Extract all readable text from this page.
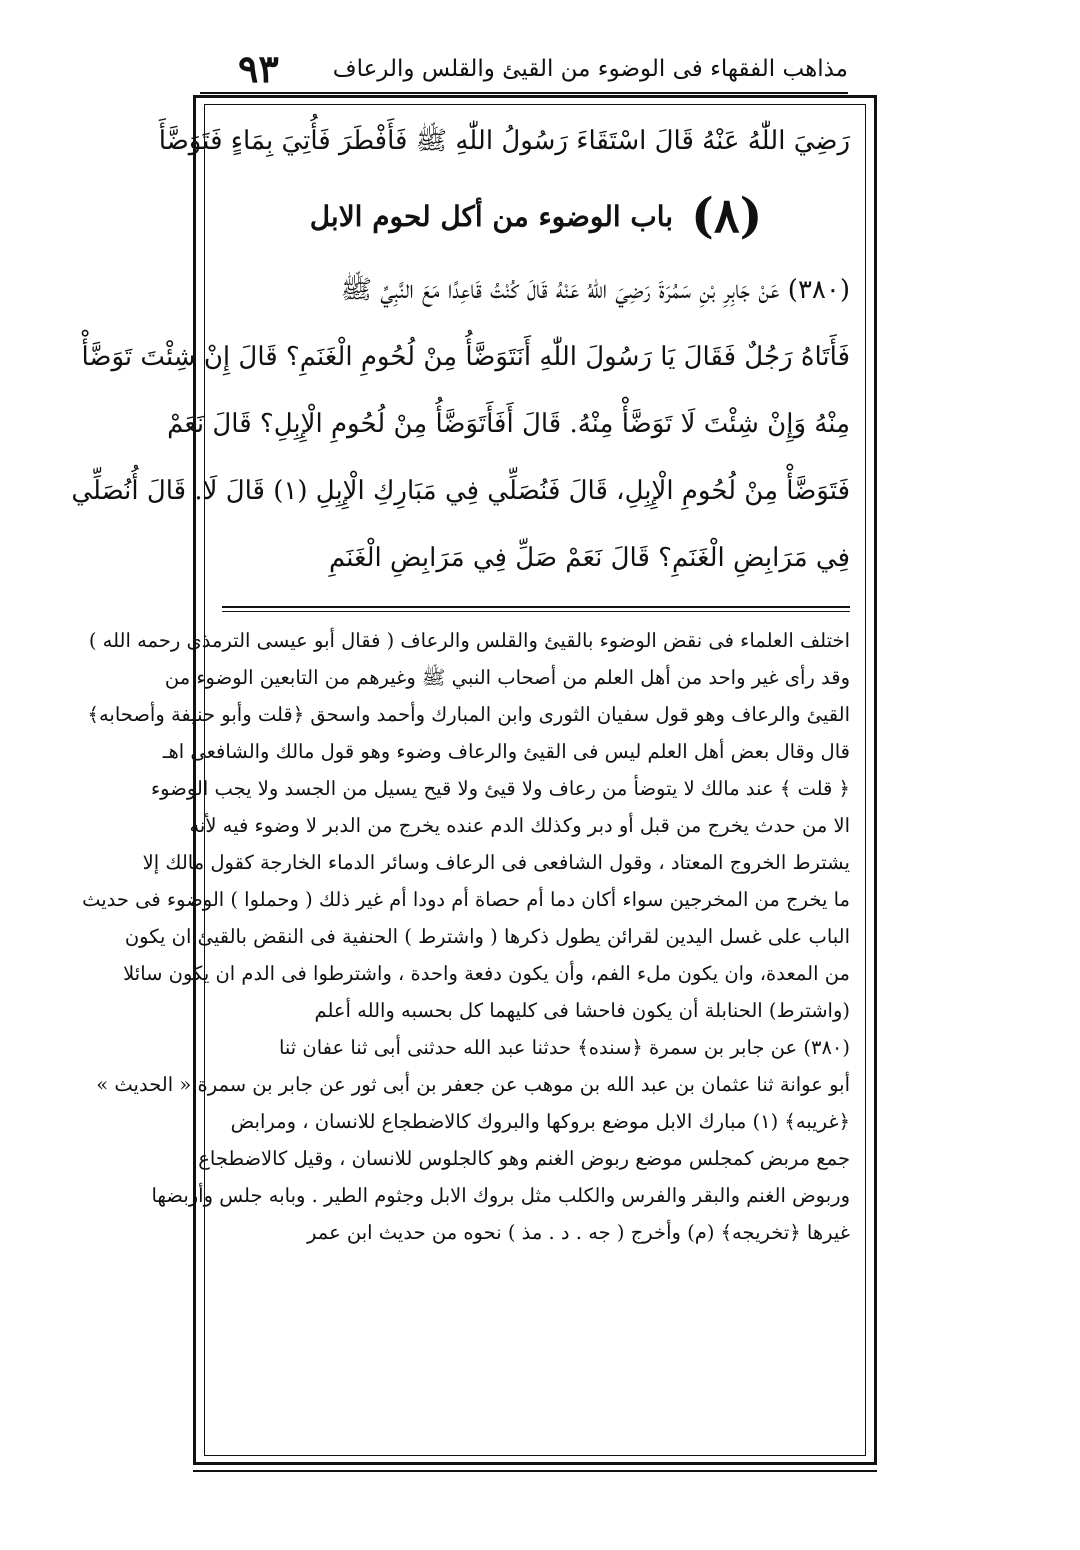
مذاهب الفقهاء فى الوضوء من القيئ والقلس والرعاف
٩٣
رَضِيَ اللّٰهُ عَنْهُ قَالَ اسْتَقَاءَ رَسُولُ اللّٰهِ ﷺ فَأَفْطَرَ فَأُتِيَ بِمَاءٍ فَتَوَضَّأَ
(٨)
باب الوضوء من أكل لحوم الابل
(٣٨٠) عَنْ جَابِرِ بْنِ سَمُرَةَ رَضِيَ اللّٰهُ عَنْهُ قَالَ كُنْتُ قَاعِدًا مَعَ النَّبِيِّ ﷺ
فَأَتَاهُ رَجُلٌ فَقَالَ يَا رَسُولَ اللّٰهِ أَنَتَوَضَّأُ مِنْ لُحُومِ الْغَنَمِ؟ قَالَ إِنْ شِئْتَ تَوَضَّأْ
مِنْهُ وَإِنْ شِئْتَ لَا تَوَضَّأْ مِنْهُ. قَالَ أَفَأَتَوَضَّأُ مِنْ لُحُومِ الْإِبِلِ؟ قَالَ نَعَمْ
فَتَوَضَّأْ مِنْ لُحُومِ الْإِبِلِ، قَالَ فَنُصَلِّي فِي مَبَارِكِ الْإِبِلِ (١) قَالَ لَا. قَالَ أُنُصَلِّي
فِي مَرَابِضِ الْغَنَمِ؟ قَالَ نَعَمْ صَلِّ فِي مَرَابِضِ الْغَنَمِ
اختلف العلماء فى نقض الوضوء بالقيئ والقلس والرعاف ( فقال أبو عيسى الترمذى رحمه الله )
وقد رأى غير واحد من أهل العلم من أصحاب النبي ﷺ وغيرهم من التابعين الوضوء من
القيئ والرعاف وهو قول سفيان الثورى وابن المبارك وأحمد واسحق ﴿قلت وأبو حنيفة وأصحابه﴾
قال وقال بعض أهل العلم ليس فى القيئ والرعاف وضوء وهو قول مالك والشافعى اهـ
﴿ قلت ﴾ عند مالك لا يتوضأ من رعاف ولا قيئ ولا قيح يسيل من الجسد ولا يجب الوضوء
الا من حدث يخرج من قبل أو دبر وكذلك الدم عنده يخرج من الدبر لا وضوء فيه لأنه
يشترط الخروج المعتاد ، وقول الشافعى فى الرعاف وسائر الدماء الخارجة كقول مالك إلا
ما يخرج من المخرجين سواء أكان دما أم حصاة أم دودا أم غير ذلك ( وحملوا ) الوضوء فى حديث
الباب على غسل اليدين لقرائن يطول ذكرها ( واشترط ) الحنفية فى النقض بالقيئ ان يكون
من المعدة، وان يكون ملء الفم، وأن يكون دفعة واحدة ، واشترطوا فى الدم ان يكون سائلا
(واشترط) الحنابلة أن يكون فاحشا فى كليهما كل بحسبه والله أعلم
(٣٨٠) عن جابر بن سمرة ﴿سنده﴾ حدثنا عبد الله حدثنى أبى ثنا عفان ثنا
أبو عوانة ثنا عثمان بن عبد الله بن موهب عن جعفر بن أبى ثور عن جابر بن سمرة « الحديث »
﴿غريبه﴾ (١) مبارك الابل موضع بروكها والبروك كالاضطجاع للانسان ، ومرابض
جمع مربض كمجلس موضع ربوض الغنم وهو كالجلوس للانسان ، وقيل كالاضطجاع
وربوض الغنم والبقر والفرس والكلب مثل بروك الابل وجثوم الطير . وبابه جلس وأربضها
غيرها ﴿تخريجه﴾ (م) وأخرج ( جه . د . مذ ) نحوه من حديث ابن عمر
